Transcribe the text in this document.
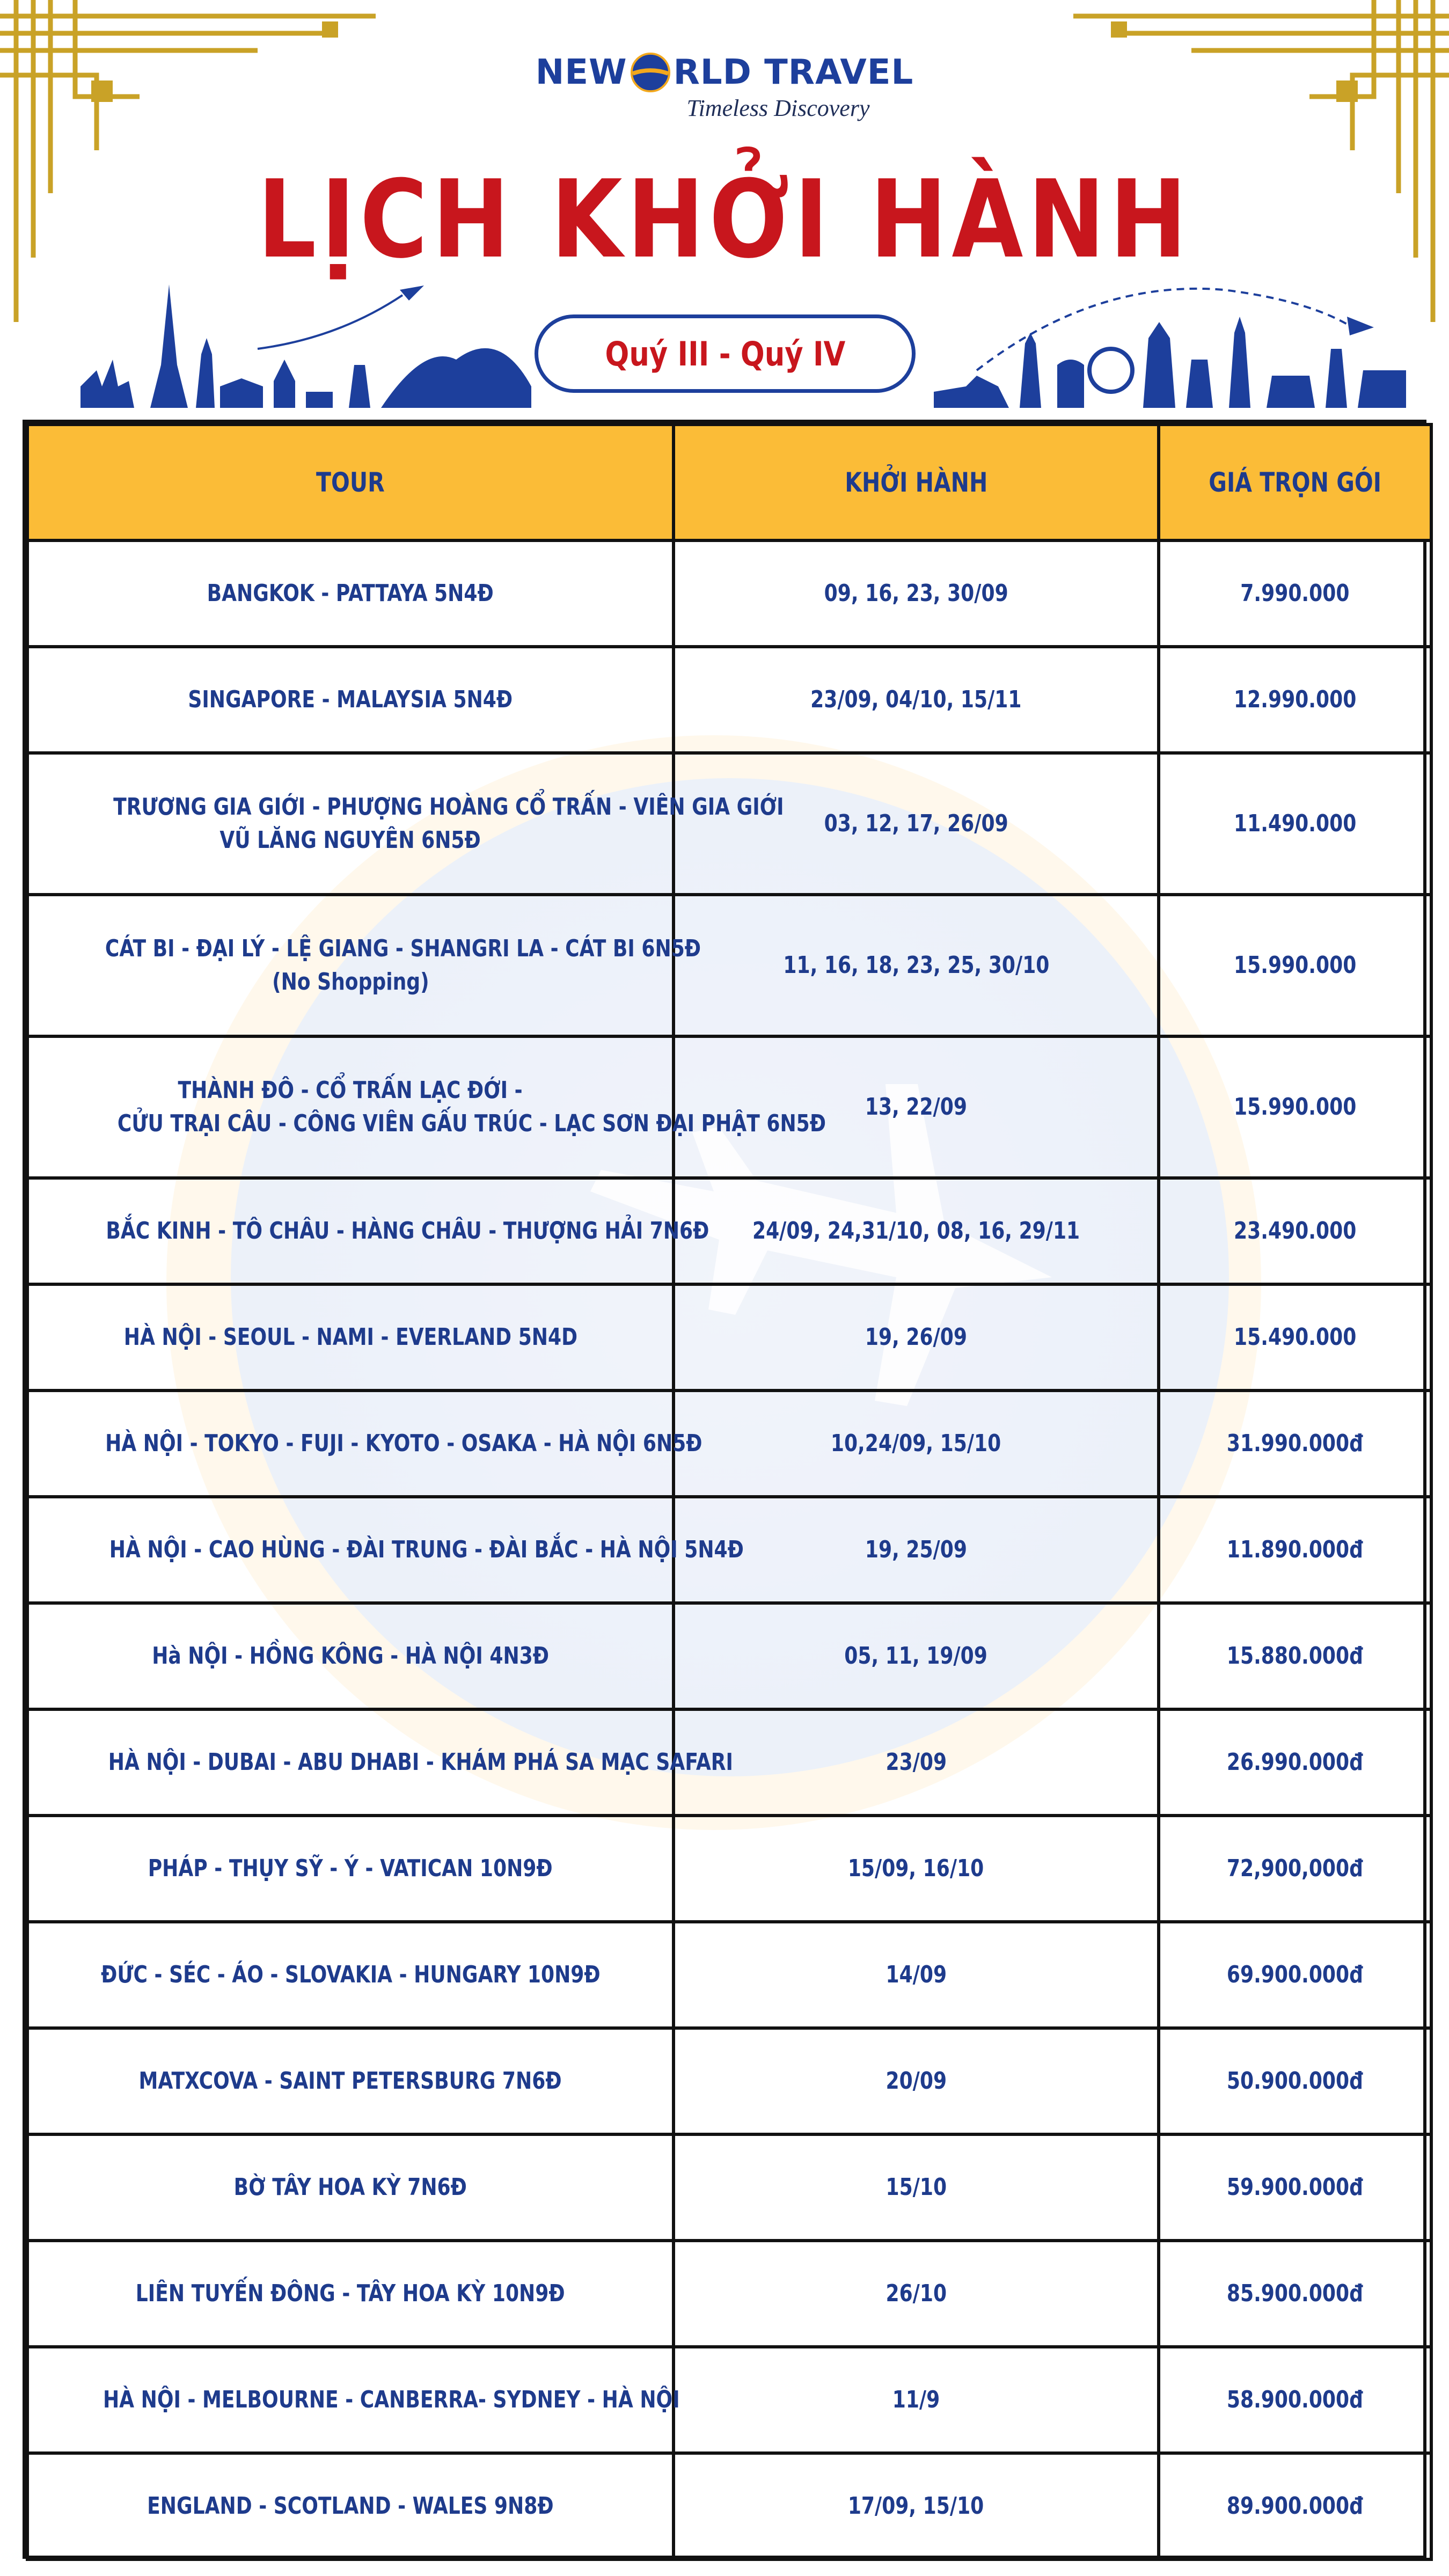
NEW RLD TRAVEL
Timeless Discovery
LỊCH KHỞI HÀNH
Quý III - Quý IV
TOUR	KHỞI HÀNH	GIÁ TRỌN GÓI
BANGKOK - PATTAYA 5N4Đ	09, 16, 23, 30/09	7.990.000
SINGAPORE - MALAYSIA 5N4Đ	23/09, 04/10, 15/11	12.990.000
TRƯƠNG GIA GIỚI - PHƯỢNG HOÀNG CỔ TRẤN - VIÊN GIA GIỚI
VŨ LĂNG NGUYÊN 6N5Đ	03, 12, 17, 26/09	11.490.000
CÁT BI - ĐẠI LÝ - LỆ GIANG - SHANGRI LA - CÁT BI 6N5Đ
(No Shopping)	11, 16, 18, 23, 25, 30/10	15.990.000
THÀNH ĐÔ - CỔ TRẤN LẠC ĐỚI -
CỬU TRẠI CÂU - CÔNG VIÊN GẤU TRÚC - LẠC SƠN ĐẠI PHẬT 6N5Đ	13, 22/09	15.990.000
BẮC KINH - TÔ CHÂU - HÀNG CHÂU - THƯỢNG HẢI 7N6Đ	24/09, 24,31/10, 08, 16, 29/11	23.490.000
HÀ NỘI - SEOUL - NAMI - EVERLAND 5N4D	19, 26/09	15.490.000
HÀ NỘI - TOKYO - FUJI - KYOTO - OSAKA - HÀ NỘI 6N5Đ	10,24/09, 15/10	31.990.000đ
HÀ NỘI - CAO HÙNG - ĐÀI TRUNG - ĐÀI BẮC - HÀ NỘI 5N4Đ	19, 25/09	11.890.000đ
Hà NỘI - HỒNG KÔNG - HÀ NỘI 4N3Đ	05, 11, 19/09	15.880.000đ
HÀ NỘI - DUBAI - ABU DHABI - KHÁM PHÁ SA MẠC SAFARI	23/09	26.990.000đ
PHÁP - THỤY SỸ - Ý - VATICAN 10N9Đ	15/09, 16/10	72,900,000đ
ĐỨC - SÉC - ÁO - SLOVAKIA - HUNGARY 10N9Đ	14/09	69.900.000đ
MATXCOVA - SAINT PETERSBURG 7N6Đ	20/09	50.900.000đ
BỜ TÂY HOA KỲ 7N6Đ	15/10	59.900.000đ
LIÊN TUYẾN ĐÔNG - TÂY HOA KỲ 10N9Đ	26/10	85.900.000đ
HÀ NỘI - MELBOURNE - CANBERRA- SYDNEY - HÀ NỘI	11/9	58.900.000đ
ENGLAND - SCOTLAND - WALES 9N8Đ	17/09, 15/10	89.900.000đ
